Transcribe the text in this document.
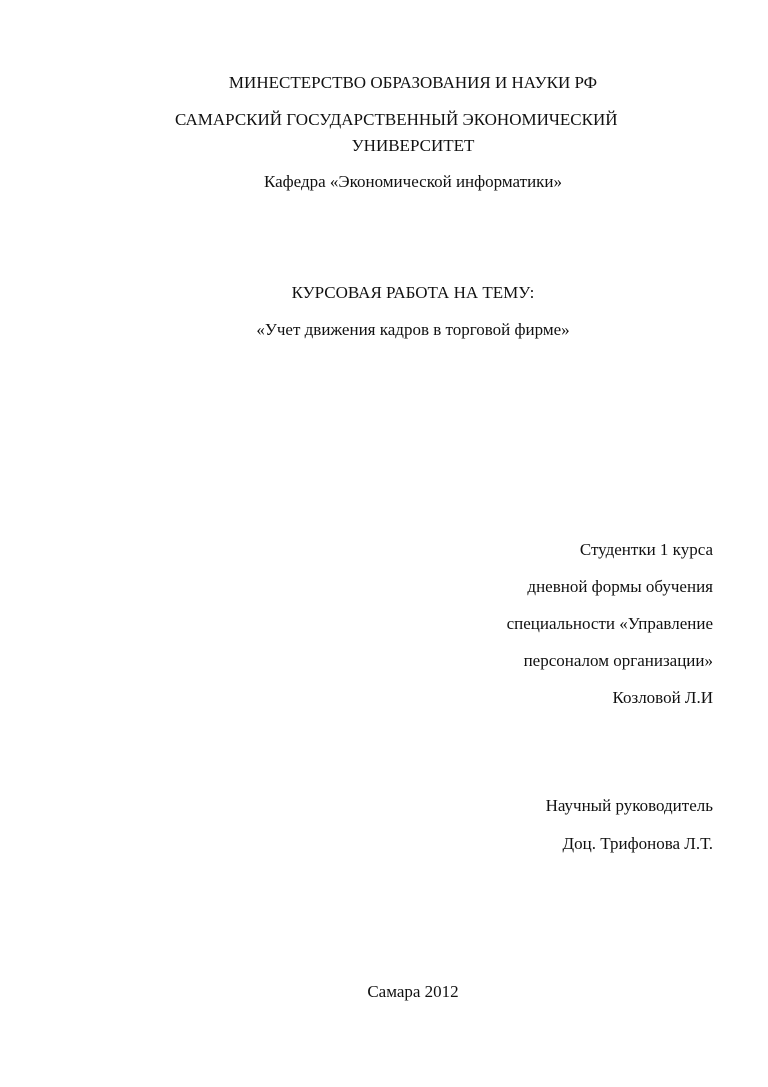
МИНЕСТЕРСТВО ОБРАЗОВАНИЯ И НАУКИ РФ

САМАРСКИЙ ГОСУДАРСТВЕННЫЙ ЭКОНОМИЧЕСКИЙ

УНИВЕРСИТЕТ

Кафедра «Экономической информатики»

КУРСОВАЯ РАБОТА НА ТЕМУ:

«Учет движения кадров в торговой фирме»

Студентки 1 курса

дневной формы обучения

специальности «Управление

персоналом организации»

Козловой Л.И

Научный руководитель

Доц. Трифонова Л.Т.

Самара 2012
